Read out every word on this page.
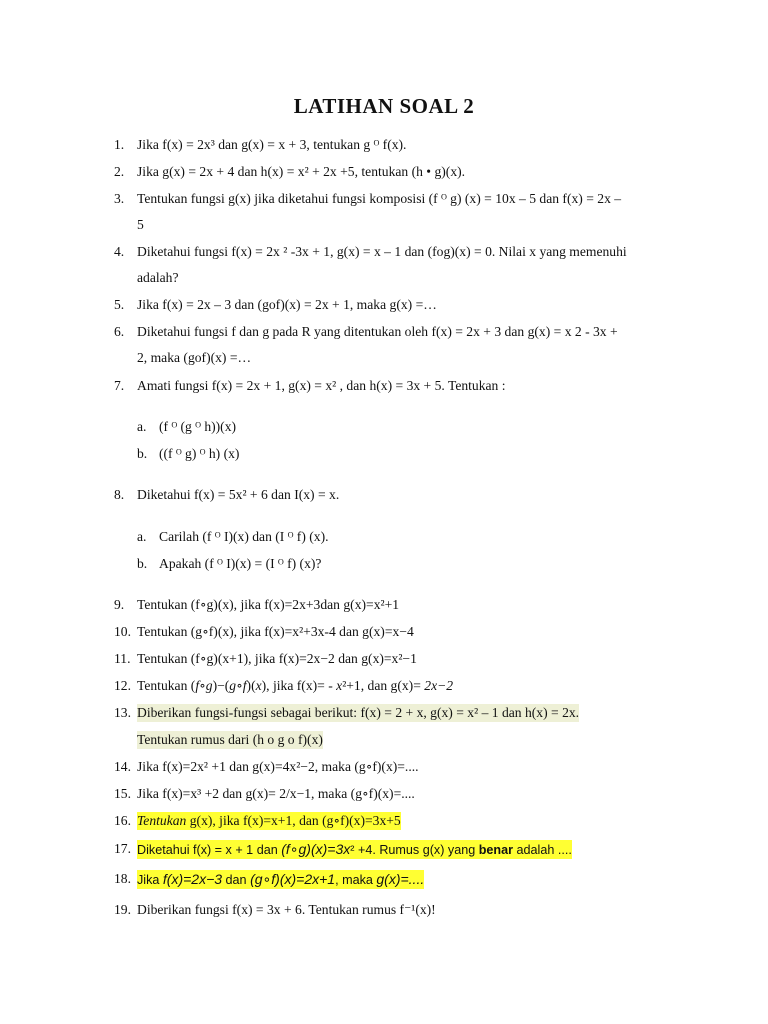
LATIHAN SOAL 2
1. Jika f(x) = 2x³ dan g(x) = x + 3, tentukan g ᴼ f(x).
2. Jika g(x) = 2x + 4 dan h(x) = x² + 2x +5, tentukan (h • g)(x).
3. Tentukan fungsi g(x) jika diketahui fungsi komposisi (f ᴼ g) (x) = 10x – 5 dan f(x) = 2x –
5
4. Diketahui fungsi f(x) = 2x ² -3x + 1, g(x) = x – 1 dan (fog)(x) = 0. Nilai x yang memenuhi
adalah?
5. Jika f(x) = 2x – 3 dan (gof)(x) = 2x + 1, maka g(x) =…
6. Diketahui fungsi f dan g pada R yang ditentukan oleh f(x) = 2x + 3 dan g(x) = x 2 - 3x +
2, maka (gof)(x) =…
7. Amati fungsi f(x) = 2x + 1, g(x) = x² , dan h(x) = 3x + 5. Tentukan :
a. (f ᴼ (g ᴼ h))(x)
b. ((f ᴼ g) ᴼ h) (x)
8. Diketahui f(x) = 5x² + 6 dan I(x) = x.
a. Carilah (f ᴼ I)(x) dan (I ᴼ f) (x).
b. Apakah (f ᴼ I)(x) = (I ᴼ f) (x)?
9. Tentukan (f∘g)(x), jika f(x)=2x+3dan g(x)=x²+1
10. Tentukan (g∘f)(x), jika f(x)=x²+3x-4 dan g(x)=x−4
11. Tentukan (f∘g)(x+1), jika f(x)=2x−2 dan g(x)=x²−1
12. Tentukan (f∘g)−(g∘f)(x), jika f(x)= - x²+1, dan g(x)= 2x−2
13. Diberikan fungsi-fungsi sebagai berikut: f(x) = 2 + x, g(x) = x² – 1 dan h(x) = 2x.
Tentukan rumus dari (h o g o f)(x)
14. Jika f(x)=2x² +1 dan g(x)=4x²−2, maka (g∘f)(x)=....
15. Jika f(x)=x³ +2 dan g(x)= 2/x−1, maka (g∘f)(x)=....
16. Tentukan g(x), jika f(x)=x+1, dan (g∘f)(x)=3x+5
17. Diketahui f(x) = x + 1 dan (f∘g)(x)=3x² +4. Rumus g(x) yang benar adalah ....
18. Jika f(x)=2x−3 dan (g∘f)(x)=2x+1, maka g(x)=....
19. Diberikan fungsi f(x) = 3x + 6. Tentukan rumus f⁻¹(x)!
